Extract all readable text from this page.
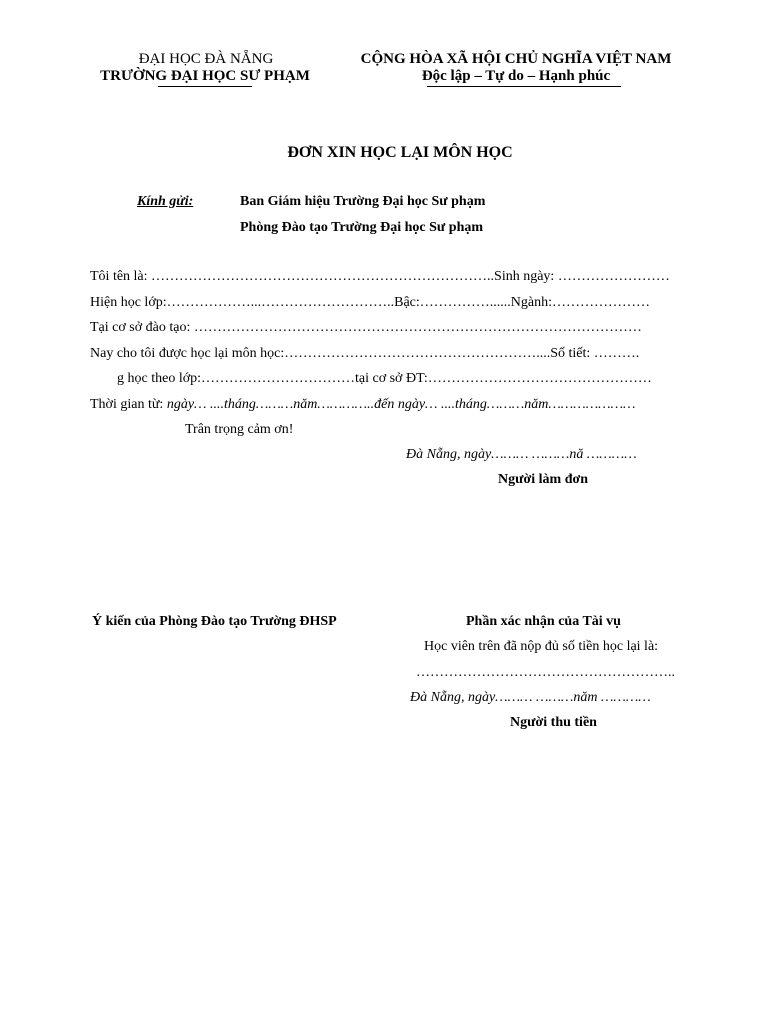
ĐẠI HỌC ĐÀ NẴNG
TRƯỜNG ĐẠI HỌC SƯ PHẠM
CỘNG HÒA XÃ HỘI CHỦ NGHĨA VIỆT NAM
Độc lập – Tự do – Hạnh phúc
ĐƠN XIN HỌC LẠI MÔN HỌC
Kính gửi:	Ban Giám hiệu Trường Đại học Sư phạm
Phòng Đào tạo Trường Đại học Sư phạm
Tôi tên là: ………………………………………………………………..Sinh ngày: ……………………
Hiện học lớp:………………...………………………..Bậc:……………......Ngành:…………………
Tại cơ sở đào tạo: ……………………………………………………………………………………
Nay cho tôi được học lại môn học:………………………………………………....Số tiết: ……….
g học theo lớp:……………………………tại cơ sở ĐT:…………………………………………
Thời gian từ: ngày… ....tháng………năm…………..đến ngày… ....tháng………năm…………………
Trân trọng cảm ơn!
Đà Nẵng, ngày……… ………nă …………
Người làm đơn
Ý kiến của Phòng Đào tạo Trường ĐHSP	Phần xác nhận của Tài vụ
Học viên trên đã nộp đủ số tiền học lại là:
………………………………………………..
Đà Nẵng, ngày……… ………năm …………
Người thu tiền
